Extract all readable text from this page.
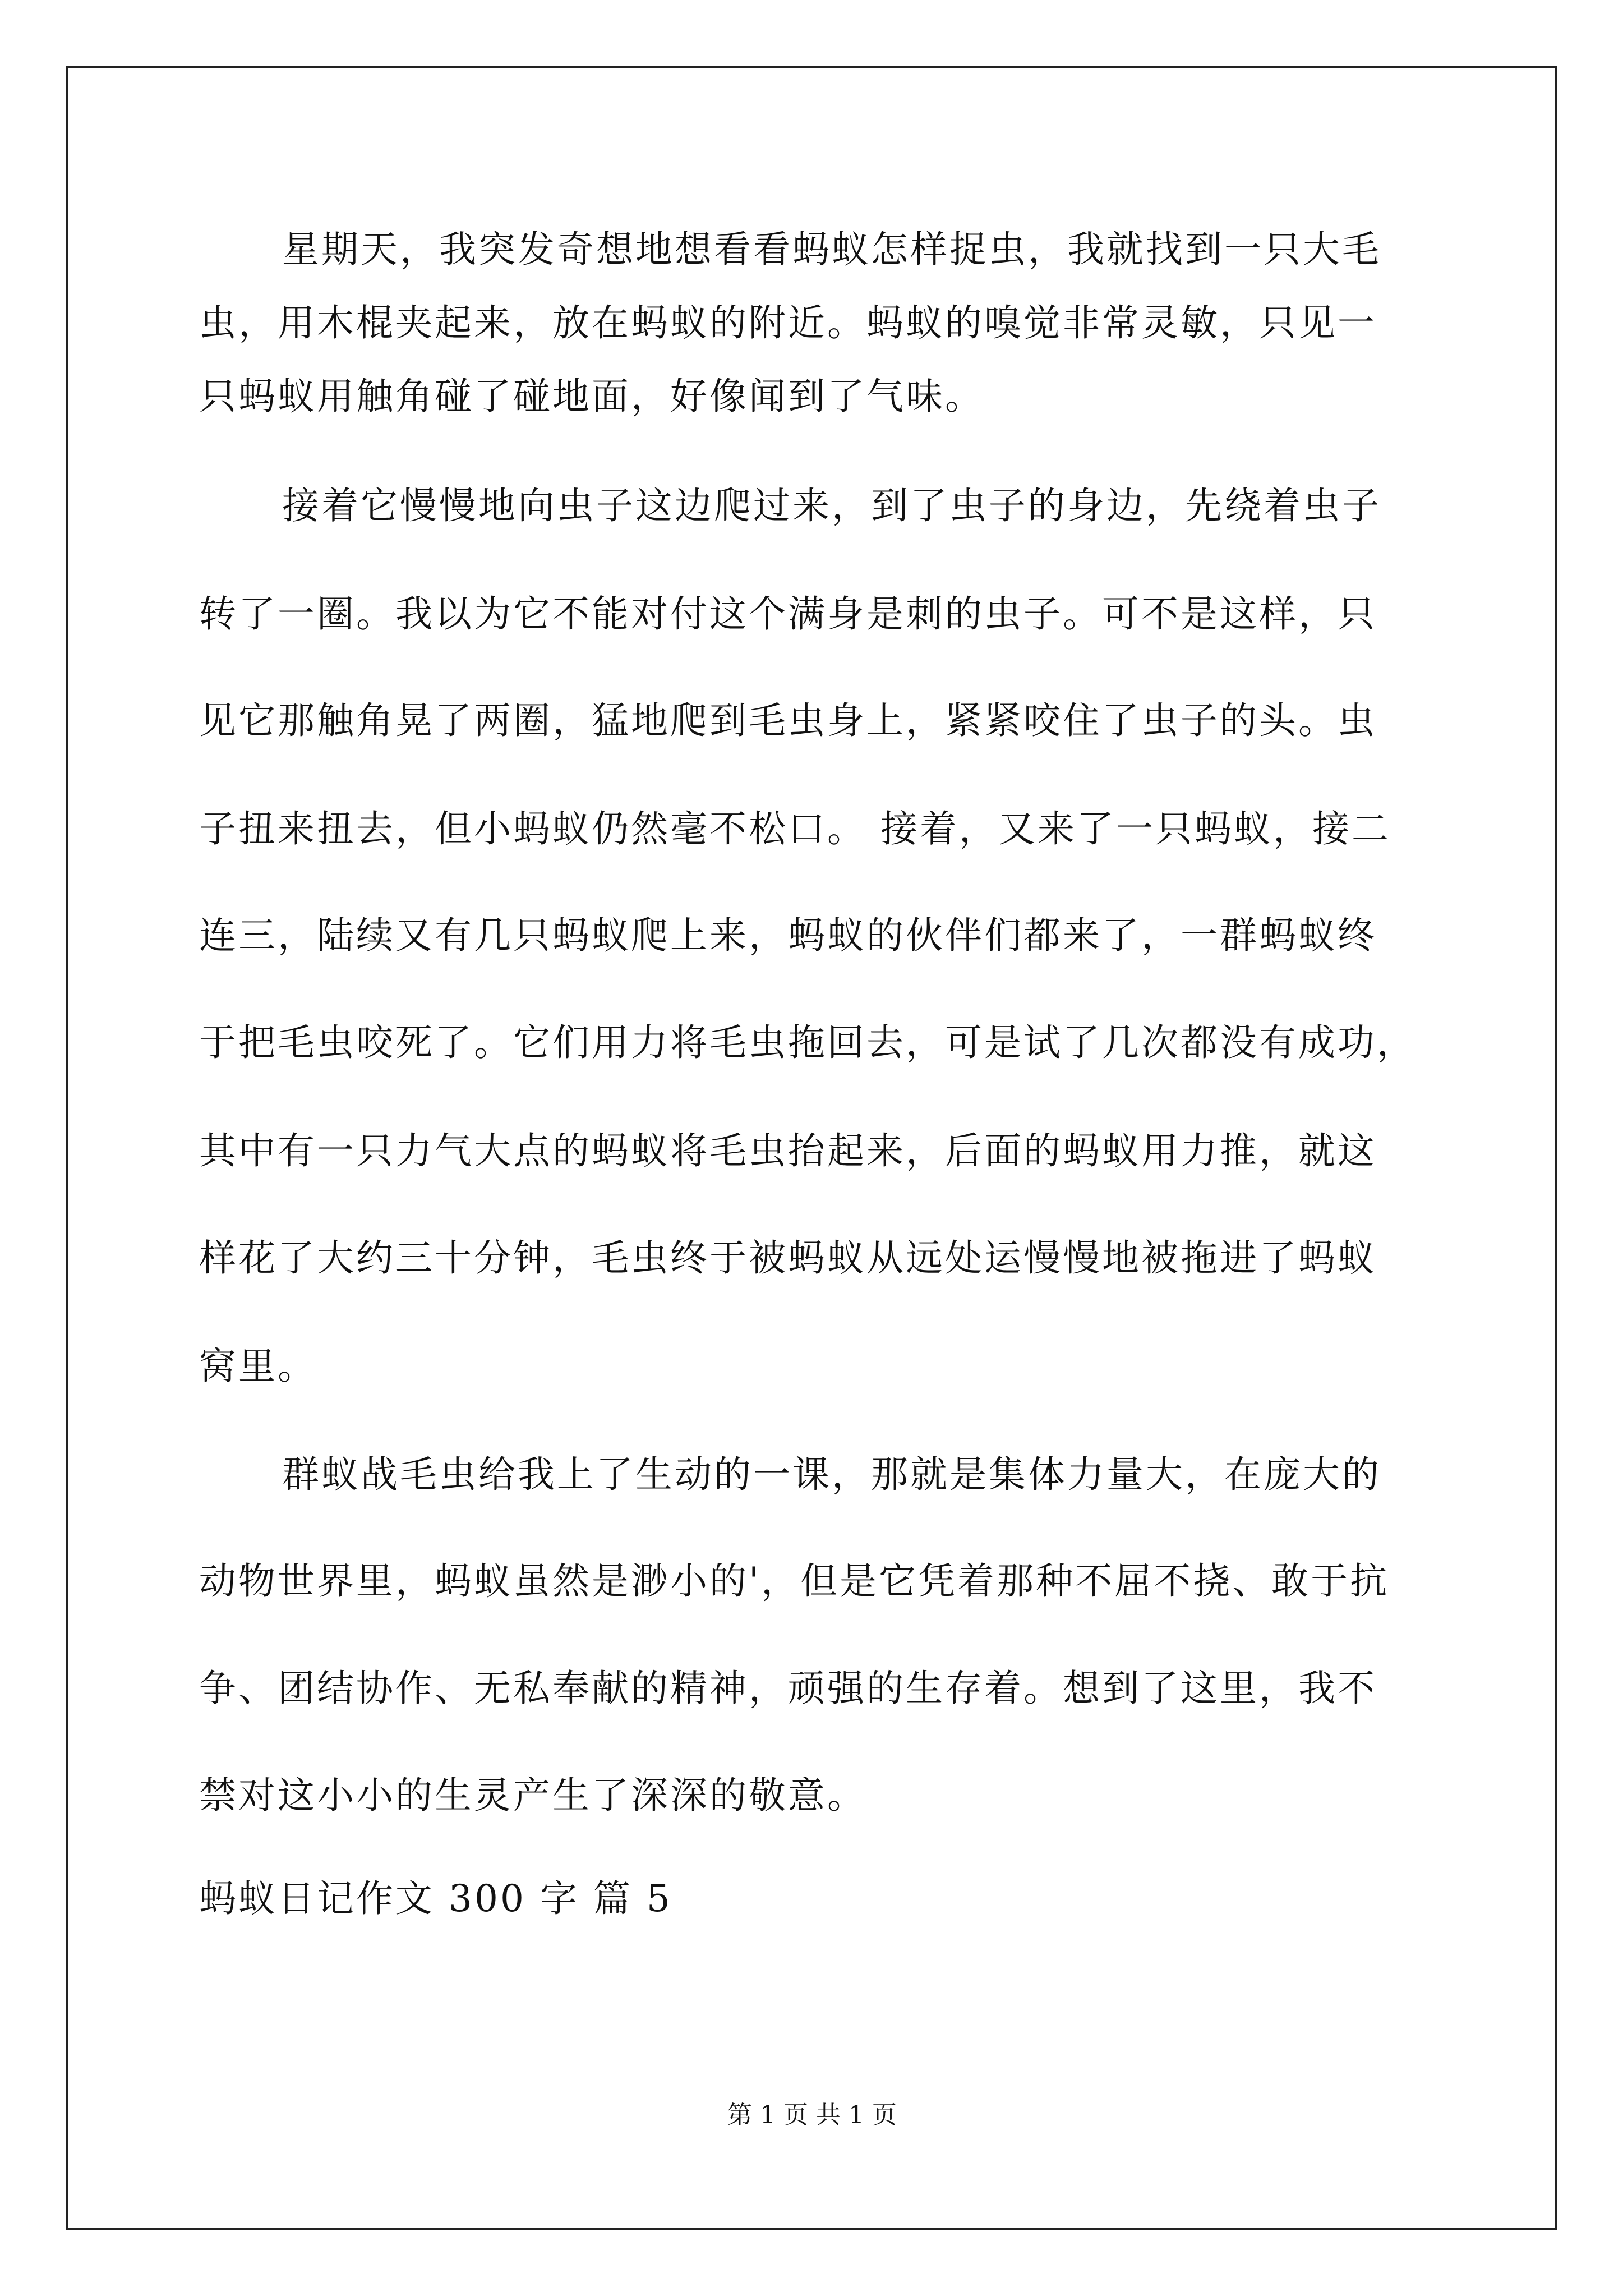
星期天，我突发奇想地想看看蚂蚁怎样捉虫，我就找到一只大毛
虫，用木棍夹起来，放在蚂蚁的附近。蚂蚁的嗅觉非常灵敏，只见一
只蚂蚁用触角碰了碰地面，好像闻到了气味。
接着它慢慢地向虫子这边爬过来，到了虫子的身边，先绕着虫子
转了一圈。我以为它不能对付这个满身是刺的虫子。可不是这样，只
见它那触角晃了两圈，猛地爬到毛虫身上，紧紧咬住了虫子的头。虫
子扭来扭去，但小蚂蚁仍然毫不松口。 接着，又来了一只蚂蚁，接二
连三，陆续又有几只蚂蚁爬上来，蚂蚁的伙伴们都来了，一群蚂蚁终
于把毛虫咬死了。它们用力将毛虫拖回去，可是试了几次都没有成功，
其中有一只力气大点的蚂蚁将毛虫抬起来，后面的蚂蚁用力推，就这
样花了大约三十分钟，毛虫终于被蚂蚁从远处运慢慢地被拖进了蚂蚁
窝里。
群蚁战毛虫给我上了生动的一课，那就是集体力量大，在庞大的
动物世界里，蚂蚁虽然是渺小的'，但是它凭着那种不屈不挠、敢于抗
争、团结协作、无私奉献的精神，顽强的生存着。想到了这里，我不
禁对这小小的生灵产生了深深的敬意。
蚂蚁日记作文 300 字 篇 5
第 1 页 共 1 页
